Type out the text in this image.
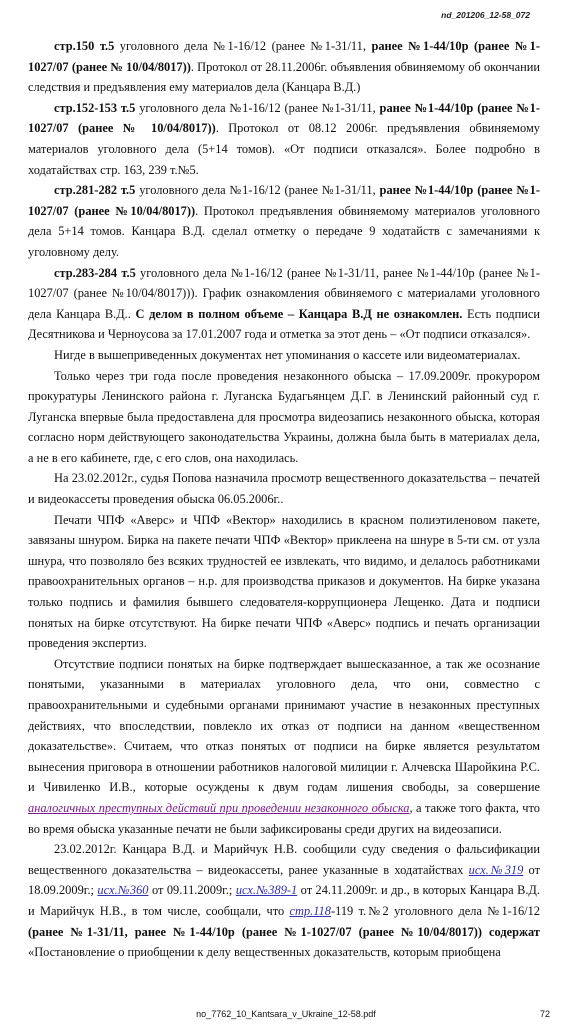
nd_201206_12-58_072

стр.150 т.5 уголовного дела №1-16/12 (ранее №1-31/11, ранее №1-44/10р (ранее №1-1027/07 (ранее № 10/04/8017)). Протокол от 28.11.2006г. объявления обвиняемому об окончании следствия и предъявления ему материалов дела (Канцара В.Д.)

стр.152-153 т.5 уголовного дела №1-16/12 (ранее №1-31/11, ранее №1-44/10р (ранее №1-1027/07 (ранее № 10/04/8017)). Протокол от 08.12 2006г. предъявления обвиняемому материалов уголовного дела (5+14 томов). «От подписи отказался». Более подробно в ходатайствах стр. 163, 239 т.№5.

стр.281-282 т.5 уголовного дела №1-16/12 (ранее №1-31/11, ранее №1-44/10р (ранее №1-1027/07 (ранее №10/04/8017)). Протокол предъявления обвиняемому материалов уголовного дела 5+14 томов. Канцара В.Д. сделал отметку о передаче 9 ходатайств с замечаниями к уголовному делу.

стр.283-284 т.5 уголовного дела №1-16/12 (ранее №1-31/11, ранее №1-44/10р (ранее №1-1027/07 (ранее №10/04/8017))). График ознакомления обвиняемого с материалами уголовного дела Канцара В.Д.. С делом в полном объеме – Канцара В.Д не ознакомлен. Есть подписи Десятникова и Черноусова за 17.01.2007 года и отметка за этот день – «От подписи отказался».

Нигде в вышеприведенных документах нет упоминания о кассете или видеоматериалах.

Только через три года после проведения незаконного обыска – 17.09.2009г. прокурором прокуратуры Ленинского района г. Луганска Будагьянцем Д.Г. в Ленинский районный суд г. Луганска впервые была предоставлена для просмотра видеозапись незаконного обыска, которая согласно норм действующего законодательства Украины, должна была быть в материалах дела, а не в его кабинете, где, с его слов, она находилась.

На 23.02.2012г., судья Попова назначила просмотр вещественного доказательства – печатей и видеокассеты проведения обыска 06.05.2006г..

Печати ЧПФ «Аверс» и ЧПФ «Вектор» находились в красном полиэтиленовом пакете, завязаны шнуром. Бирка на пакете печати ЧПФ «Вектор» приклеена на шнуре в 5-ти см. от узла шнура, что позволяло без всяких трудностей ее извлекать, что видимо, и делалось работниками правоохранительных органов – н.р. для производства приказов и документов. На бирке указана только подпись и фамилия бывшего следователя-коррупционера Лещенко. Дата и подписи понятых на бирке отсутствуют. На бирке печати ЧПФ «Аверс» подпись и печать организации проведения экспертиз.

Отсутствие подписи понятых на бирке подтверждает вышесказанное, а так же осознание понятыми, указанными в материалах уголовного дела, что они, совместно с правоохранительными и судебными органами принимают участие в незаконных преступных действиях, что впоследствии, повлекло их отказ от подписи на данном «вещественном доказательстве». Считаем, что отказ понятых от подписи на бирке является результатом вынесения приговора в отношении работников налоговой милиции г. Алчевска Шаройкина Р.С. и Чивиленко И.В., которые осуждены к двум годам лишения свободы, за совершение аналогичных преступных действий при проведении незаконного обыска, а также того факта, что во время обыска указанные печати не были зафиксированы среди других на видеозаписи.

23.02.2012г. Канцара В.Д. и Марийчук Н.В. сообщили суду сведения о фальсификации вещественного доказательства – видеокассеты, ранее указанные в ходатайствах исх.№319 от 18.09.2009г.; исх.№360 от 09.11.2009г.; исх.№389-1 от 24.11.2009г. и др., в которых Канцара В.Д. и Марийчук Н.В., в том числе, сообщали, что стр.118-119 т.№2 уголовного дела №1-16/12 (ранее №1-31/11, ранее №1-44/10р (ранее №1-1027/07 (ранее №10/04/8017)) содержат «Постановление о приобщении к делу вещественных доказательств, которым приобщена

no_7762_10_Kantsara_v_Ukraine_12-58.pdf	72
